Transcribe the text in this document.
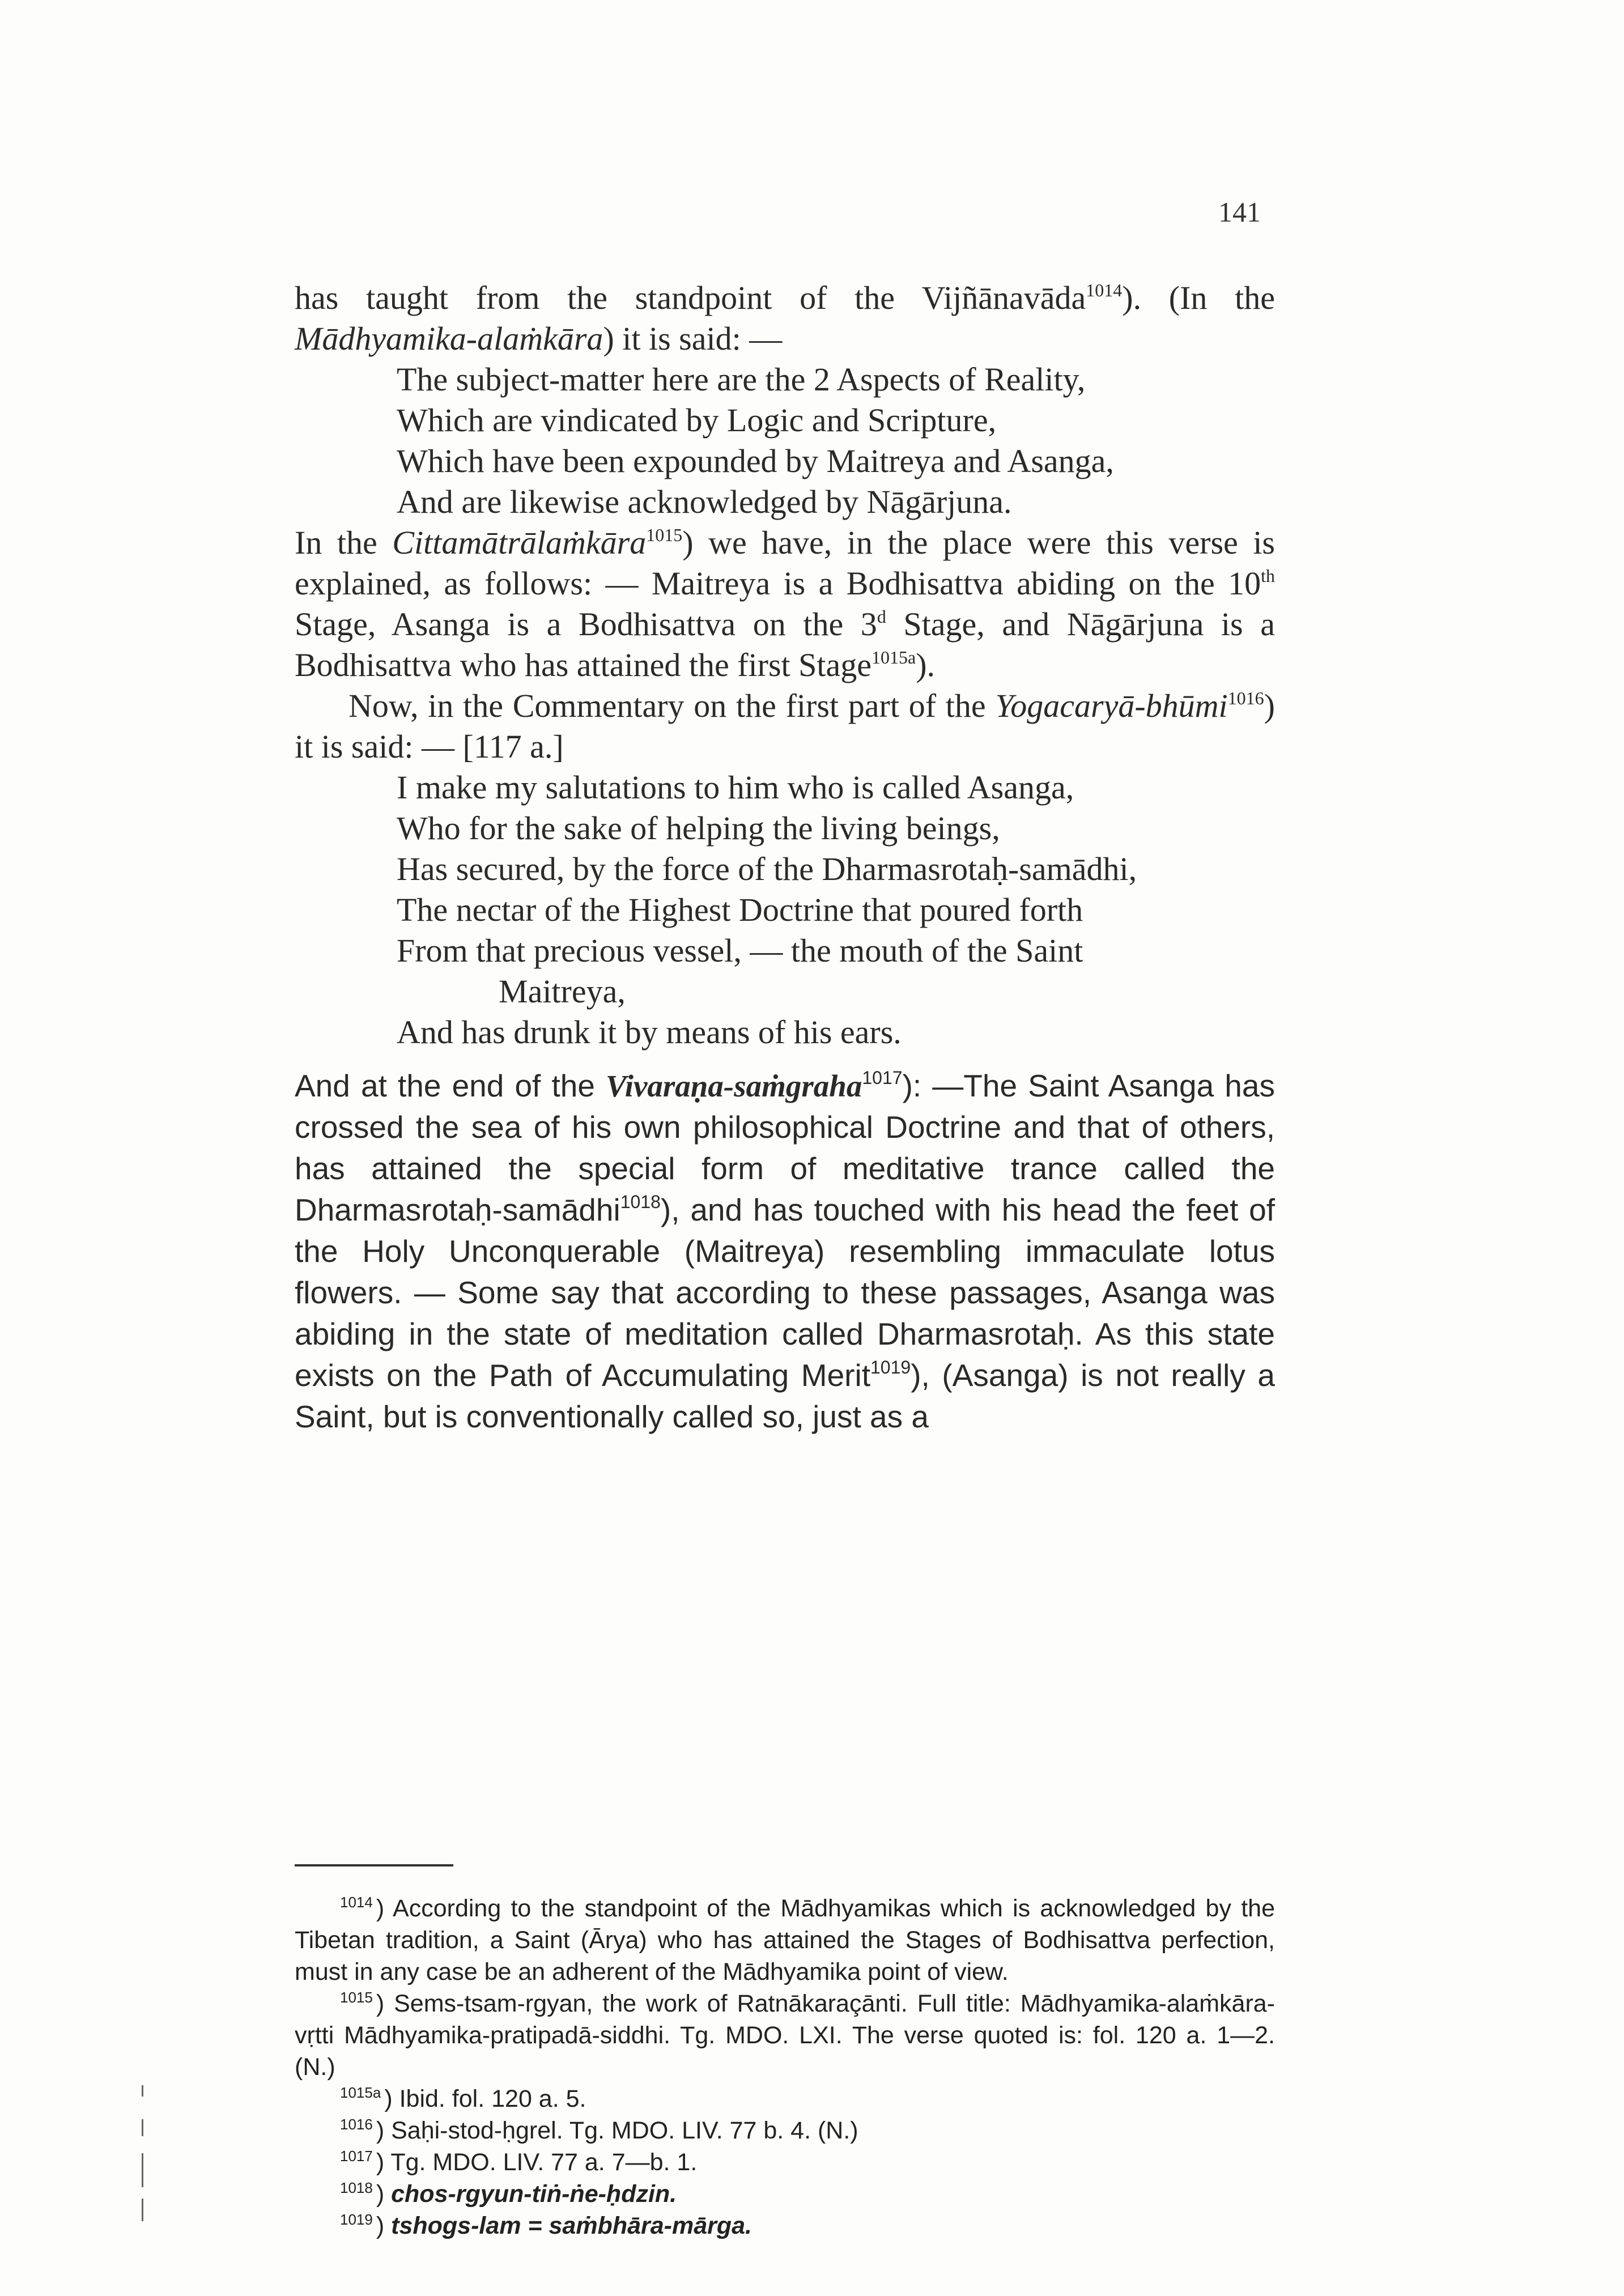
141

has taught from the standpoint of the Vijñānavāda$^{1014}$). (In the Mādhyamika-alaṁkāra) it is said: —

The subject-matter here are the 2 Aspects of Reality,
Which are vindicated by Logic and Scripture,
Which have been expounded by Maitreya and Asanga,
And are likewise acknowledged by Nāgārjuna.

In the Cittamātrālaṁkāra$^{1015}$) we have, in the place were this verse is explained, as follows: — Maitreya is a Bodhisattva abiding on the 10th Stage, Asanga is a Bodhisattva on the 3$^d$ Stage, and Nāgārjuna is a Bodhisattva who has attained the first Stage$^{1015a}$).

Now, in the Commentary on the first part of the Yogacaryā-bhūmi$^{1016}$) it is said: — [117 a.]

I make my salutations to him who is called Asanga,
Who for the sake of helping the living beings,
Has secured, by the force of the Dharmasrotaḥ-samādhi,
The nectar of the Highest Doctrine that poured forth
From that precious vessel, — the mouth of the Saint
Maitreya,
And has drunk it by means of his ears.

And at the end of the Vivaraṇa-saṁgraha$^{1017}$): —The Saint Asanga has crossed the sea of his own philosophical Doctrine and that of others, has attained the special form of meditative trance called the Dharmasrotaḥ-samādhi$^{1018}$), and has touched with his head the feet of the Holy Unconquerable (Maitreya) resembling immaculate lotus flowers. — Some say that according to these passages, Asanga was abiding in the state of meditation called Dharmasrotaḥ. As this state exists on the Path of Accumulating Merit$^{1019}$), (Asanga) is not really a Saint, but is conventionally called so, just as a

$^{1014}$ ) According to the standpoint of the Mādhyamikas which is acknowledged by the Tibetan tradition, a Saint (Ārya) who has attained the Stages of Bodhisattva perfection, must in any case be an adherent of the Mādhyamika point of view.

$^{1015}$ ) Sems-tsam-rgyan, the work of Ratnākaraçānti. Full title: Mādhyamika-alaṁkāra-vṛtti Mādhyamika-pratipadā-siddhi. Tg. MDO. LXI. The verse quoted is: fol. 120 a. 1—2. (N.)

$^{1015a}$ ) Ibid. fol. 120 a. 5.

$^{1016}$ ) Saḥi-stod-ḥgrel. Tg. MDO. LIV. 77 b. 4. (N.)

$^{1017}$ ) Tg. MDO. LIV. 77 a. 7—b. 1.

$^{1018}$ ) chos-rgyun-tiṅ-ṅe-ḥdzin.

$^{1019}$ ) tshogs-lam = saṁbhāra-mārga.
